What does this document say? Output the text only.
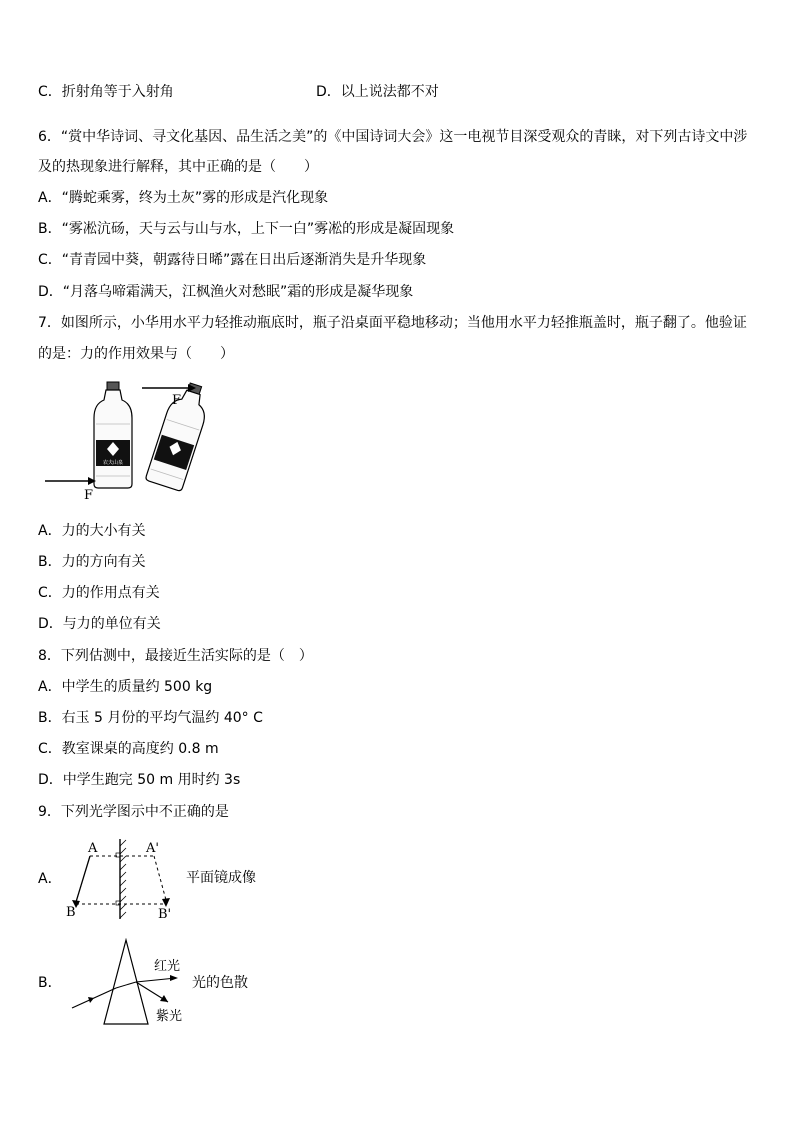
C．折射角等于入射角	D．以上说法都不对
6．“赏中华诗词、寻文化基因、品生活之美”的《中国诗词大会》这一电视节目深受观众的青睐，对下列古诗文中涉
及的热现象进行解释，其中正确的是（　　）
A．“腾蛇乘雾，终为土灰”雾的形成是汽化现象
B．“雾凇沆砀，天与云与山与水，上下一白”雾凇的形成是凝固现象
C．“青青园中葵，朝露待日晞”露在日出后逐渐消失是升华现象
D．“月落乌啼霜满天，江枫渔火对愁眠”霜的形成是凝华现象
7．如图所示，小华用水平力轻推动瓶底时，瓶子沿桌面平稳地移动；当他用水平力轻推瓶盖时，瓶子翻了。他验证
的是：力的作用效果与（　　）
农夫山泉
F
F
A．力的大小有关
B．力的方向有关
C．力的作用点有关
D．与力的单位有关
8．下列估测中，最接近生活实际的是（　）
A．中学生的质量约 500 kg
B．右玉 5 月份的平均气温约 40° C
C．教室课桌的高度约 0.8 m
D．中学生跑完 50 m 用时约 3s
9．下列光学图示中不正确的是
A．
A	A'
B	B'
平面镜成像
B．
红光
紫光
光的色散
